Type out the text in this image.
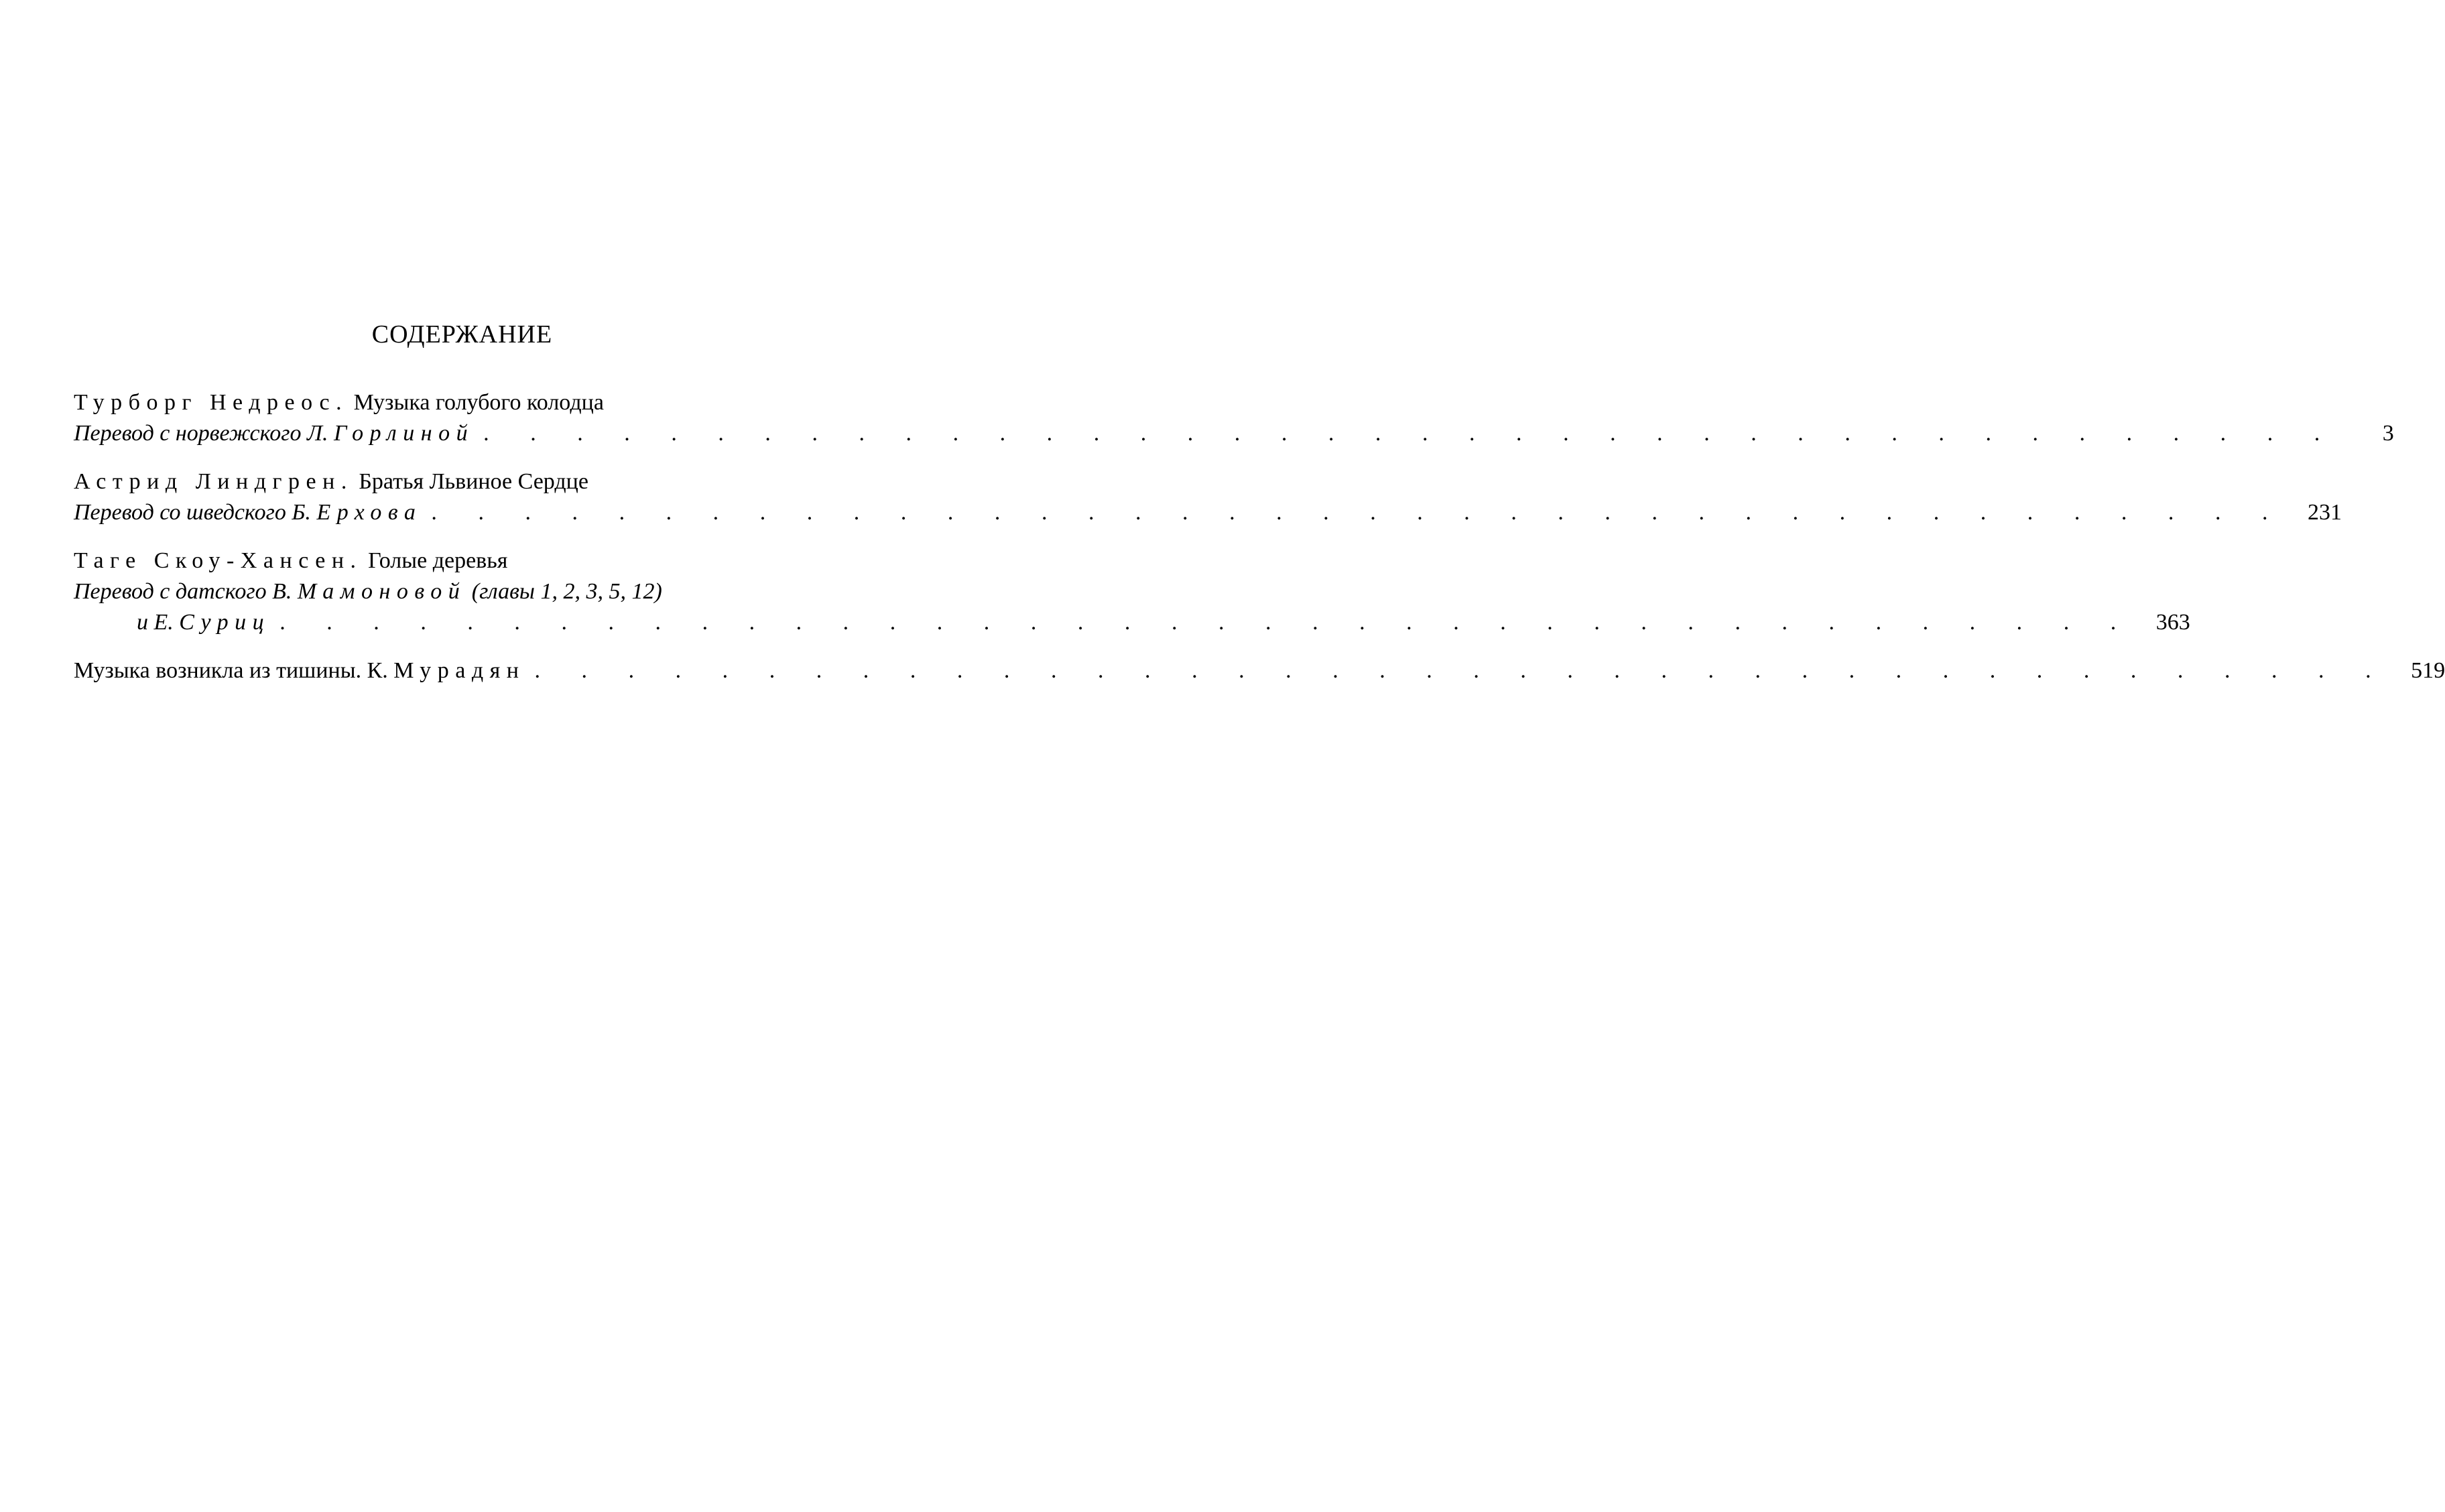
СОДЕРЖАНИЕ
Турборг Недреос. Музыка голубого колодца
Перевод с норвежского Л. Горлиной . . . . . . . . . . . . . . . . . . . . . . . . . . . . . . . . . . . . . . . .	3
Астрид Линдгрен. Братья Львиное Сердце
Перевод со шведского Б. Ерхова . . . . . . . . . . . . . . . . . . . . . . . . . . . . . . . . . . . . . . . . 231
Таге Скоу-Хансен. Голые деревья
Перевод с датского В. Мамоновой (главы 1, 2, 3, 5, 12)
и Е. Суриц . . . . . . . . . . . . . . . . . . . . . . . . . . . . . . . . . . . . . . . . 363
Музыка возникла из тишины. К. Мурадян . . . . . . . . . . . . . . . . . . . . . . . . . . . . . . . . . . . . . . . . 519
